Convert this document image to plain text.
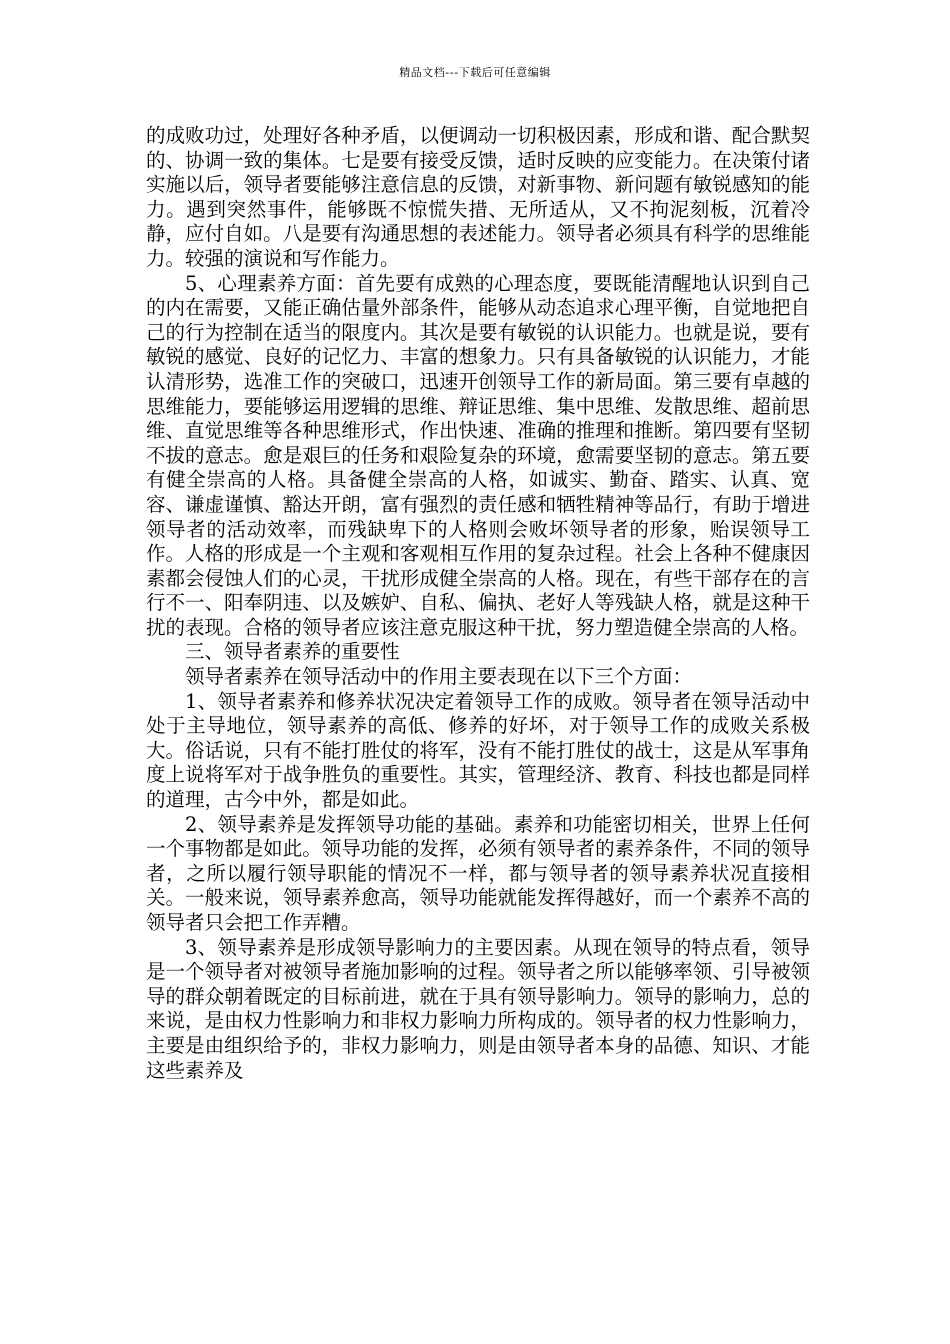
精品文档---下载后可任意编辑

的成败功过，处理好各种矛盾，以便调动一切积极因素，形成和谐、配合默契的、协调一致的集体。七是要有接受反馈，适时反映的应变能力。在决策付诸实施以后，领导者要能够注意信息的反馈，对新事物、新问题有敏锐感知的能力。遇到突然事件，能够既不惊慌失措、无所适从，又不拘泥刻板，沉着冷静，应付自如。八是要有沟通思想的表述能力。领导者必须具有科学的思维能力。较强的演说和写作能力。

5、心理素养方面：首先要有成熟的心理态度，要既能清醒地认识到自己的内在需要，又能正确估量外部条件，能够从动态追求心理平衡，自觉地把自己的行为控制在适当的限度内。其次是要有敏锐的认识能力。也就是说，要有敏锐的感觉、良好的记忆力、丰富的想象力。只有具备敏锐的认识能力，才能认清形势，选准工作的突破口，迅速开创领导工作的新局面。第三要有卓越的思维能力，要能够运用逻辑的思维、辩证思维、集中思维、发散思维、超前思维、直觉思维等各种思维形式，作出快速、准确的推理和推断。第四要有坚韧不拔的意志。愈是艰巨的任务和艰险复杂的环境，愈需要坚韧的意志。第五要有健全崇高的人格。具备健全崇高的人格，如诚实、勤奋、踏实、认真、宽容、谦虚谨慎、豁达开朗，富有强烈的责任感和牺牲精神等品行，有助于增进领导者的活动效率，而残缺卑下的人格则会败坏领导者的形象，贻误领导工作。人格的形成是一个主观和客观相互作用的复杂过程。社会上各种不健康因素都会侵蚀人们的心灵，干扰形成健全崇高的人格。现在，有些干部存在的言行不一、阳奉阴违、以及嫉妒、自私、偏执、老好人等残缺人格，就是这种干扰的表现。合格的领导者应该注意克服这种干扰，努力塑造健全崇高的人格。

三、领导者素养的重要性

领导者素养在领导活动中的作用主要表现在以下三个方面：

1、领导者素养和修养状况决定着领导工作的成败。领导者在领导活动中处于主导地位，领导素养的高低、修养的好坏，对于领导工作的成败关系极大。俗话说，只有不能打胜仗的将军，没有不能打胜仗的战士，这是从军事角度上说将军对于战争胜负的重要性。其实，管理经济、教育、科技也都是同样的道理，古今中外，都是如此。

2、领导素养是发挥领导功能的基础。素养和功能密切相关，世界上任何一个事物都是如此。领导功能的发挥，必须有领导者的素养条件，不同的领导者，之所以履行领导职能的情况不一样，都与领导者的领导素养状况直接相关。一般来说，领导素养愈高，领导功能就能发挥得越好，而一个素养不高的领导者只会把工作弄糟。

3、领导素养是形成领导影响力的主要因素。从现在领导的特点看，领导是一个领导者对被领导者施加影响的过程。领导者之所以能够率领、引导被领导的群众朝着既定的目标前进，就在于具有领导影响力。领导的影响力，总的来说，是由权力性影响力和非权力影响力所构成的。领导者的权力性影响力，主要是由组织给予的，非权力影响力，则是由领导者本身的品德、知识、才能这些素养及
